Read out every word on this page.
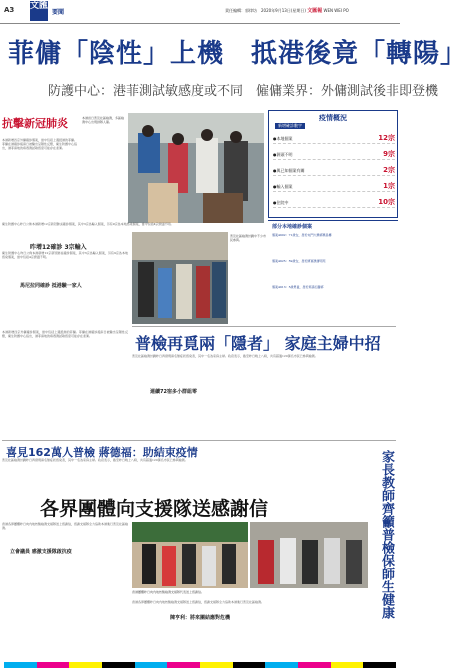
A3 文匯
要聞	責任編輯：郭律坊　2020年9月13日(星期日) 文匯報 WEN WEI PO
菲傭「陰性」上機　抵港後竟「轉陽」
防護中心：港菲測試敏感度或不同　僱傭業界：外傭測試後非即登機
抗擊新冠肺炎
本港新增四宗外傭確診個案，當中包括上週抵港的菲傭。菲傭在港確診後兩日被驗出呈陽性反應，衛生防護中心指出，港菲兩地的病毒測試敏感度可能存在差異。
本港首日普及社區檢測，多區檢測中心出現排隊人龍。
衛生防護中心昨日公佈本港新增12宗新冠肺炎確診個案，其中3宗為輸入個案，另有9宗為本地感染個案，當中包括4宗源頭不明。
昨增12確診 3宗輸入
衛生防護中心昨日公佈本港新增12宗新冠肺炎確診個案，其中3宗為輸入個案，另有9宗為本地感染個案，當中包括4宗源頭不明。
馬尼拉同確診 抵港驗一家人
普及社區檢測計劃中不少市民參與。
疫情概況
新增確診數字
●本地個案	12宗
●源頭不明	9宗
●與已知個案有關	2宗
●輸入個案	1宗
●住院中	10宗
部分本地確診個案
個案4902：71歲女，居於屯門大興邨興昌樓
個案4925：59歲女，居於將軍澳唐明苑
個案4913：5歲男童，居於葵涌石籬邨
普檢再覓兩「隱者」 家庭主婦中招
普及社區檢測計劃昨日再發現兩名無症狀感染者，其中一名為家庭主婦。政府表示，截至昨日晚上八時，共有超過120萬名市民已參與檢測。
連續72宿多小群組零
本港新增四宗外傭確診個案，當中包括上週抵港的菲傭。菲傭在港確診後兩日被驗出呈陽性反應，衛生防護中心指出，港菲兩地的病毒測試敏感度可能存在差異。
喜見162萬人普檢 蔣德福：助結束疫情
普及社區檢測計劃昨日再發現兩名無症狀感染者，其中一名為家庭主婦。政府表示，截至昨日晚上八時，共有超過120萬名市民已參與檢測。
各界團體向支援隊送感謝信
香港各界團體昨日向內地核酸檢測支援隊送上感謝信，感謝支援隊全力協助本港進行普及社區檢測。
立會議員 感激支援隊啟抗疫
香港團體昨日向內地核酸檢測支援隊代表送上感謝信。
香港各界團體昨日向內地核酸檢測支援隊送上感謝信，感謝支援隊全力協助本港進行普及社區檢測。
陳亨利：將來團結應對危機	家長教師齊籲普檢保師生健康
